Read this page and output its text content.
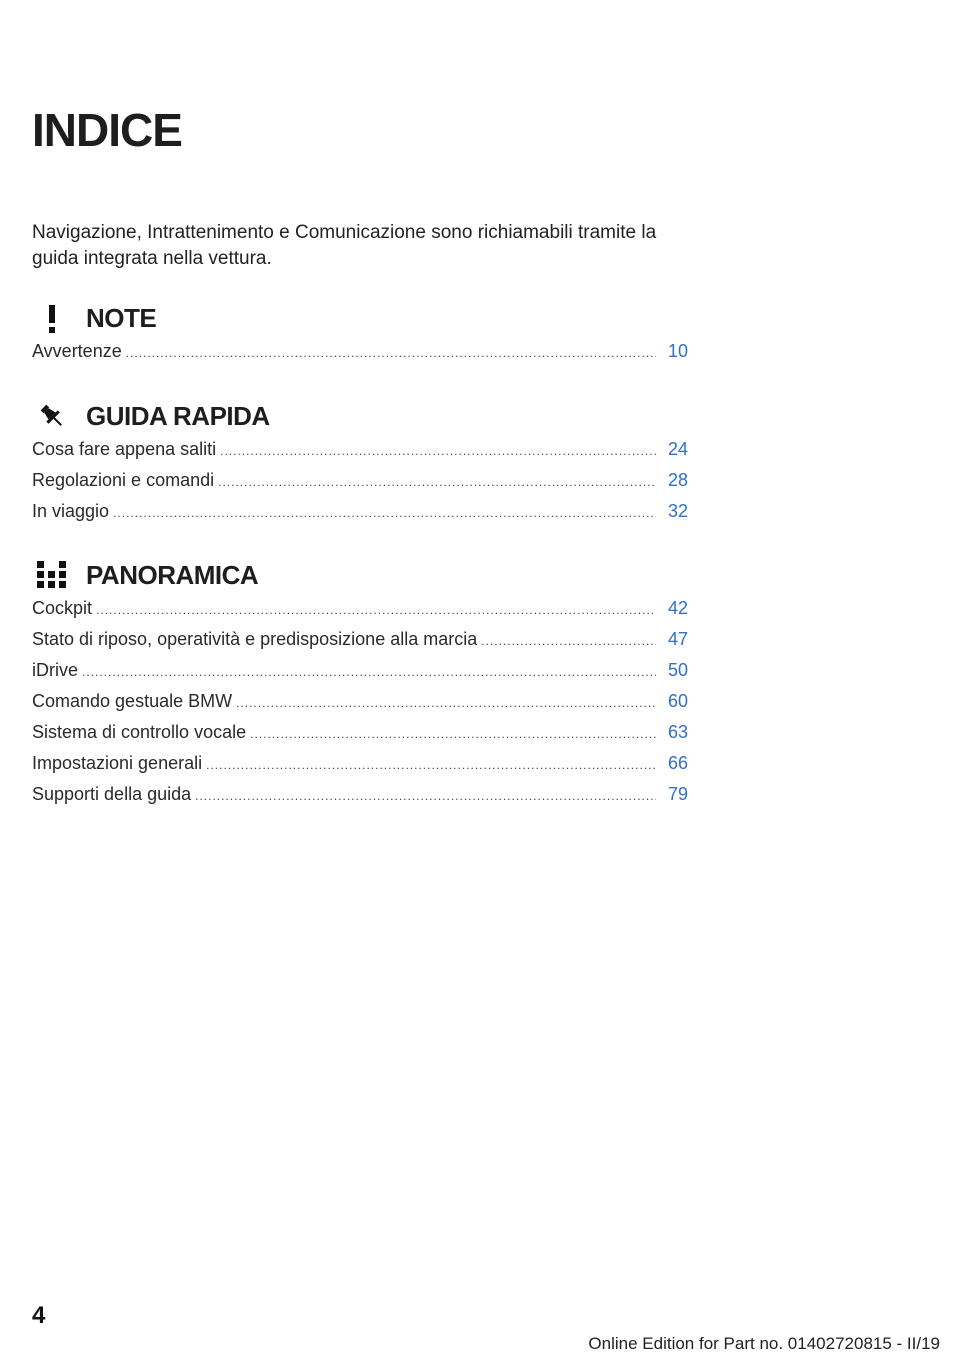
INDICE

Navigazione, Intrattenimento e Comunicazione sono richiamabili tramite la guida integrata nella vettura.

NOTE
Avvertenze .....	10
GUIDA RAPIDA
Cosa fare appena saliti .....	24
Regolazioni e comandi .....	28
In viaggio .....	32
PANORAMICA
Cockpit .....	42
Stato di riposo, operatività e predisposizione alla marcia .....	47
iDrive .....	50
Comando gestuale BMW .....	60
Sistema di controllo vocale .....	63
Impostazioni generali .....	66
Supporti della guida .....	79
4
Online Edition for Part no. 01402720815 - II/19
